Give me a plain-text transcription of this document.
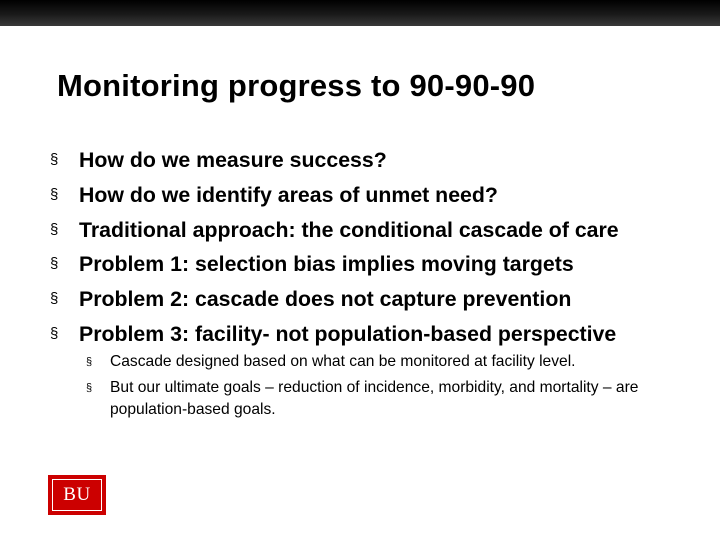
Monitoring progress to 90-90-90
§ How do we measure success?
§ How do we identify areas of unmet need?
§ Traditional approach: the conditional cascade of care
§ Problem 1: selection bias implies moving targets
§ Problem 2: cascade does not capture prevention
§ Problem 3: facility- not population-based perspective
§ Cascade designed based on what can be monitored at facility level.
§ But our ultimate goals – reduction of incidence, morbidity, and mortality – are population-based goals.
BU
